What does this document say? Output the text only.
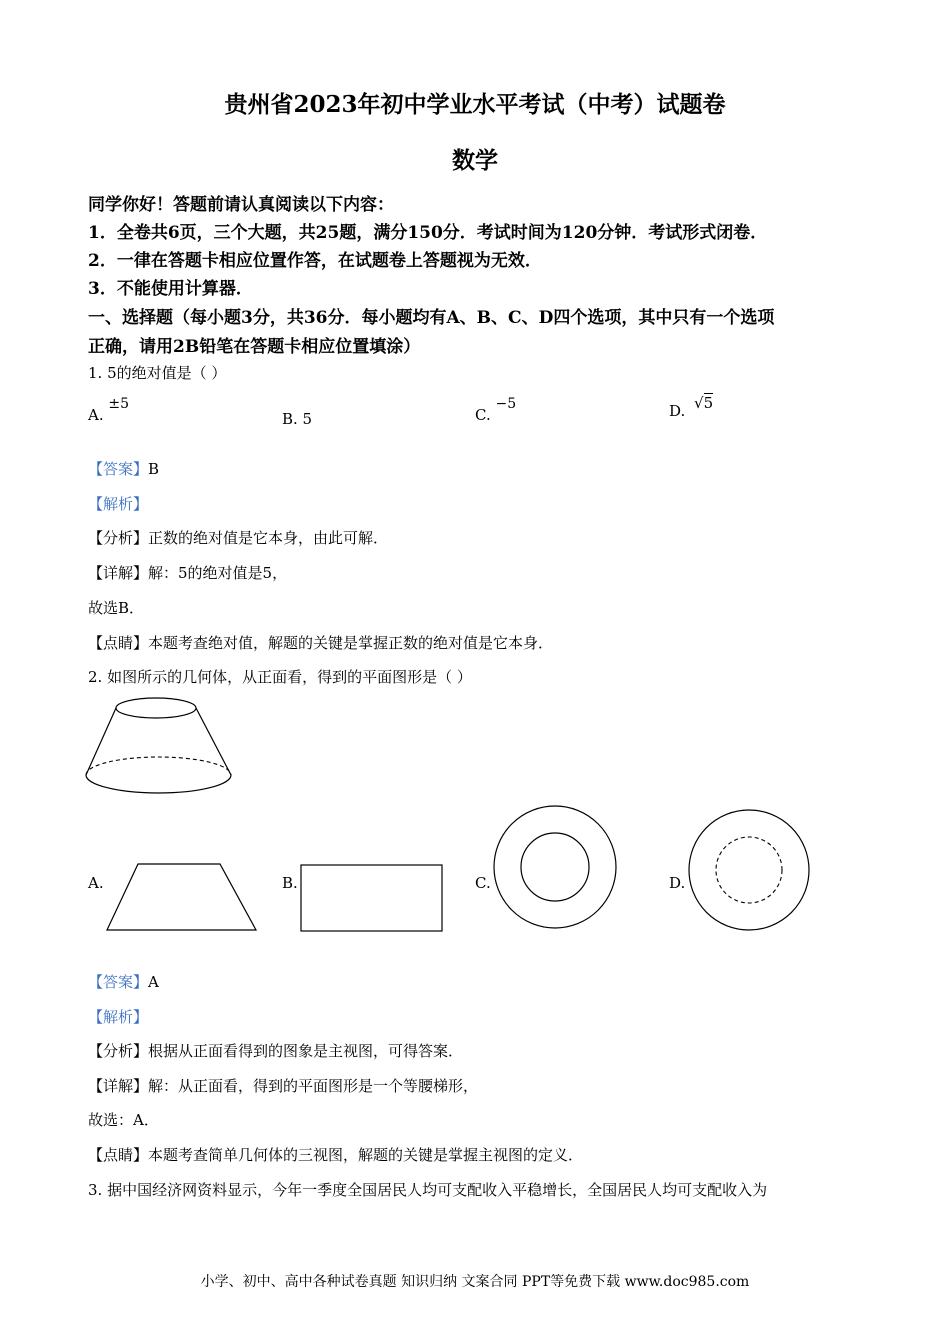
贵州省2023年初中学业水平考试（中考）试题卷
数学
同学你好！答题前请认真阅读以下内容：
1．全卷共6页，三个大题，共25题，满分150分．考试时间为120分钟．考试形式闭卷．
2．一律在答题卡相应位置作答，在试题卷上答题视为无效．
3．不能使用计算器．
一、选择题（每小题3分，共36分．每小题均有A、B、C、D四个选项，其中只有一个选项
正确，请用2B铅笔在答题卡相应位置填涂）
1. 5的绝对值是（ ）
A. $^{\pm 5}$
B. 5	C. $^{-5}$	D. √5
【答案】B
【解析】
【分析】正数的绝对值是它本身，由此可解．
【详解】解：5的绝对值是5，
故选B．
【点睛】本题考查绝对值，解题的关键是掌握正数的绝对值是它本身．
2. 如图所示的几何体，从正面看，得到的平面图形是（ ）
A.	B.	C.	D.
【答案】A
【解析】
【分析】根据从正面看得到的图象是主视图，可得答案．
【详解】解：从正面看，得到的平面图形是一个等腰梯形，
故选：A．
【点睛】本题考查简单几何体的三视图，解题的关键是掌握主视图的定义．
3. 据中国经济网资料显示，今年一季度全国居民人均可支配收入平稳增长，全国居民人均可支配收入为
小学、初中、高中各种试卷真题 知识归纳 文案合同 PPT等免费下载 www.doc985.com
